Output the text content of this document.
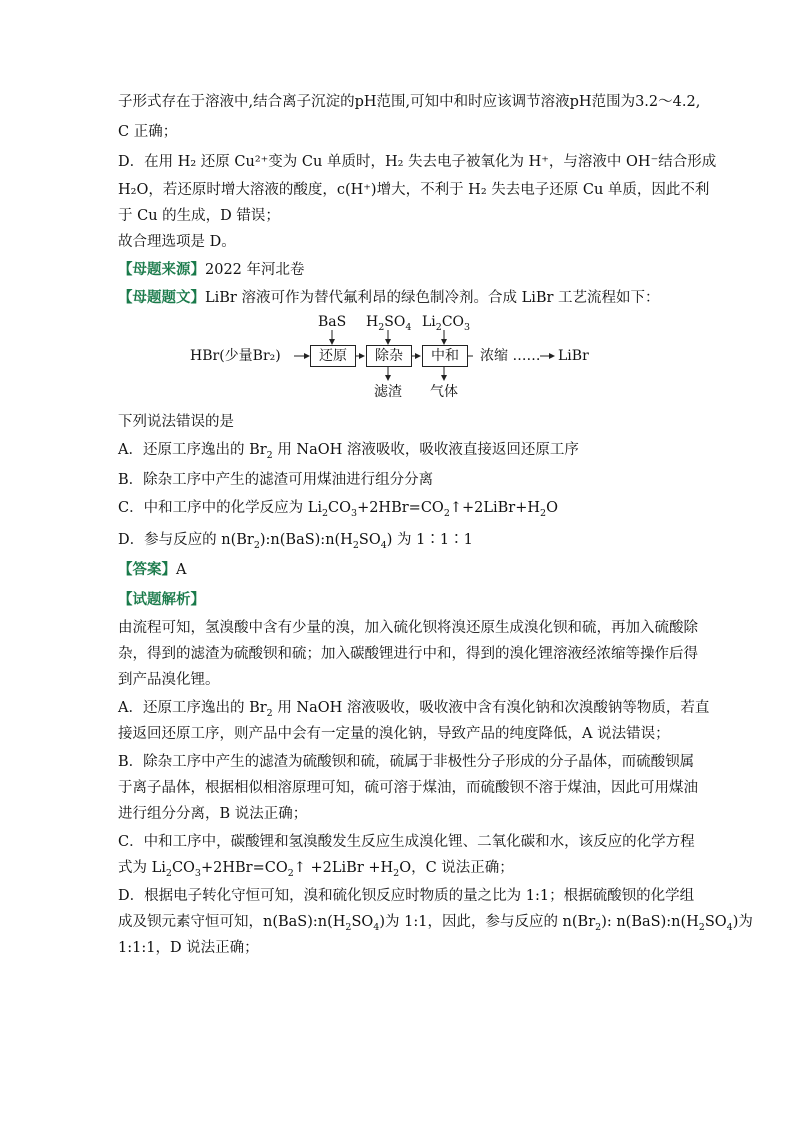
子形式存在于溶液中,结合离子沉淀的pH范围,可知中和时应该调节溶液pH范围为3.2～4.2,
C 正确；
D．在用 H₂ 还原 Cu²⁺变为 Cu 单质时，H₂ 失去电子被氧化为 H⁺，与溶液中 OH⁻结合形成
H₂O，若还原时增大溶液的酸度，c(H⁺)增大，不利于 H₂ 失去电子还原 Cu 单质，因此不利
于 Cu 的生成，D 错误；
故合理选项是 D。
【母题来源】2022 年河北卷
【母题题文】LiBr 溶液可作为替代氟利昂的绿色制冷剂。合成 LiBr 工艺流程如下：
HBr(少量Br₂)	还原	除杂	中和
BaS $H_2SO_4$ $Li_2CO_3$
滤渣 气体
浓缩 …… LiBr
下列说法错误的是
A．还原工序逸出的 $Br_2$ 用 NaOH 溶液吸收，吸收液直接返回还原工序
B．除杂工序中产生的滤渣可用煤油进行组分分离
C．中和工序中的化学反应为 $Li_2CO_3+2HBr=CO_2↑+2LiBr+H_2O$
D．参与反应的 $n(Br_2):n(BaS):n(H_2SO_4)$ 为 1∶1∶1
【答案】A
【试题解析】
由流程可知，氢溴酸中含有少量的溴，加入硫化钡将溴还原生成溴化钡和硫，再加入硫酸除
杂，得到的滤渣为硫酸钡和硫；加入碳酸锂进行中和，得到的溴化锂溶液经浓缩等操作后得
到产品溴化锂。
A．还原工序逸出的 $Br_2$ 用 NaOH 溶液吸收，吸收液中含有溴化钠和次溴酸钠等物质，若直
接返回还原工序，则产品中会有一定量的溴化钠，导致产品的纯度降低，A 说法错误；
B．除杂工序中产生的滤渣为硫酸钡和硫，硫属于非极性分子形成的分子晶体，而硫酸钡属
于离子晶体，根据相似相溶原理可知，硫可溶于煤油，而硫酸钡不溶于煤油，因此可用煤油
进行组分分离，B 说法正确；
C．中和工序中，碳酸锂和氢溴酸发生反应生成溴化锂、二氧化碳和水，该反应的化学方程
式为 $Li_2CO_3+2HBr=CO_2↑$ +2LiBr $+H_2O$，C 说法正确；
D．根据电子转化守恒可知，溴和硫化钡反应时物质的量之比为 1:1；根据硫酸钡的化学组
成及钡元素守恒可知，$n(BaS):n(H_2SO_4)$为 1:1，因此，参与反应的 $n(Br_2)$: $n(BaS):n(H_2SO_4)$为
1:1:1，D 说法正确；
